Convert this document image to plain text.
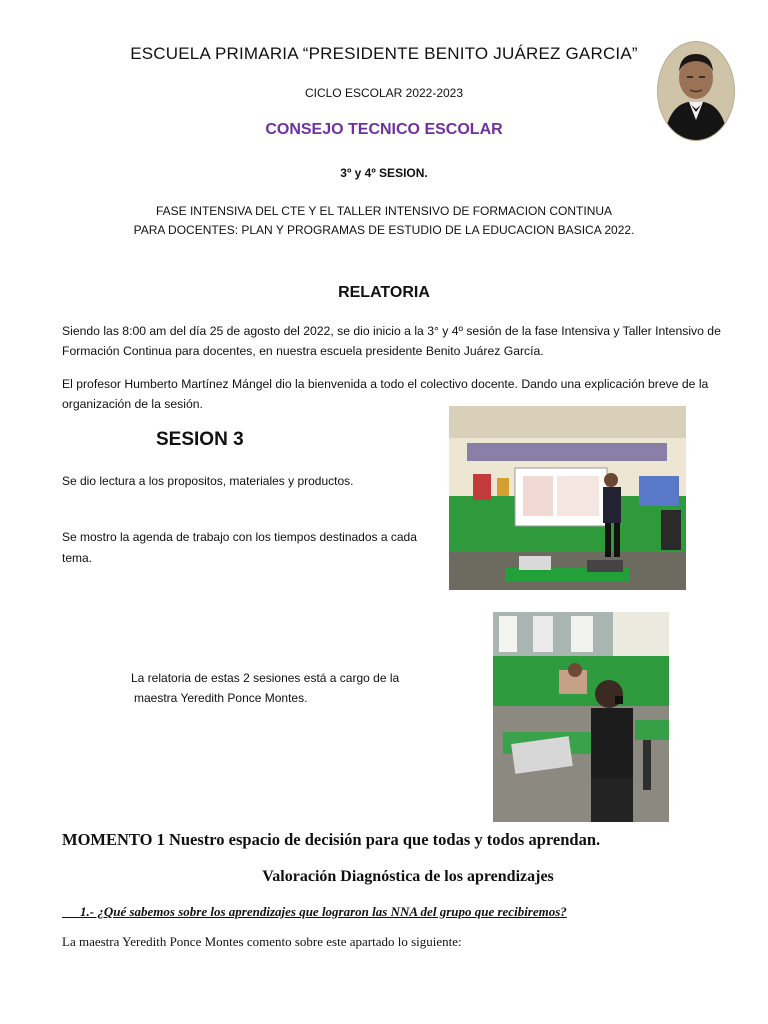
ESCUELA PRIMARIA “PRESIDENTE BENITO JUÁREZ GARCIA”
CICLO ESCOLAR 2022-2023
CONSEJO TECNICO ESCOLAR
3º y 4º SESION.
FASE INTENSIVA DEL CTE Y EL TALLER INTENSIVO DE FORMACION CONTINUA
PARA DOCENTES: PLAN Y PROGRAMAS DE ESTUDIO DE LA EDUCACION BASICA 2022.
RELATORIA
Siendo las 8:00 am del día 25 de agosto del 2022, se dio inicio a la 3° y 4º sesión de la fase Intensiva y Taller Intensivo de Formación Continua para docentes, en nuestra escuela presidente Benito Juárez García.
El profesor Humberto Martínez Mángel dio la bienvenida a todo el colectivo docente. Dando una explicación breve de la organización de la sesión.
SESION 3
Se dio lectura a los propositos, materiales y productos.
Se mostro la agenda de trabajo con los tiempos destinados a cada tema.
La relatoria de estas 2 sesiones está a cargo de la
maestra Yeredith Ponce Montes.
MOMENTO 1 Nuestro espacio de decisión para que todas y todos aprendan.
Valoración Diagnóstica de los aprendizajes
1.- ¿Qué sabemos sobre los aprendizajes que lograron las NNA del grupo que recibiremos?
La maestra Yeredith Ponce Montes comento sobre este apartado lo siguiente:
